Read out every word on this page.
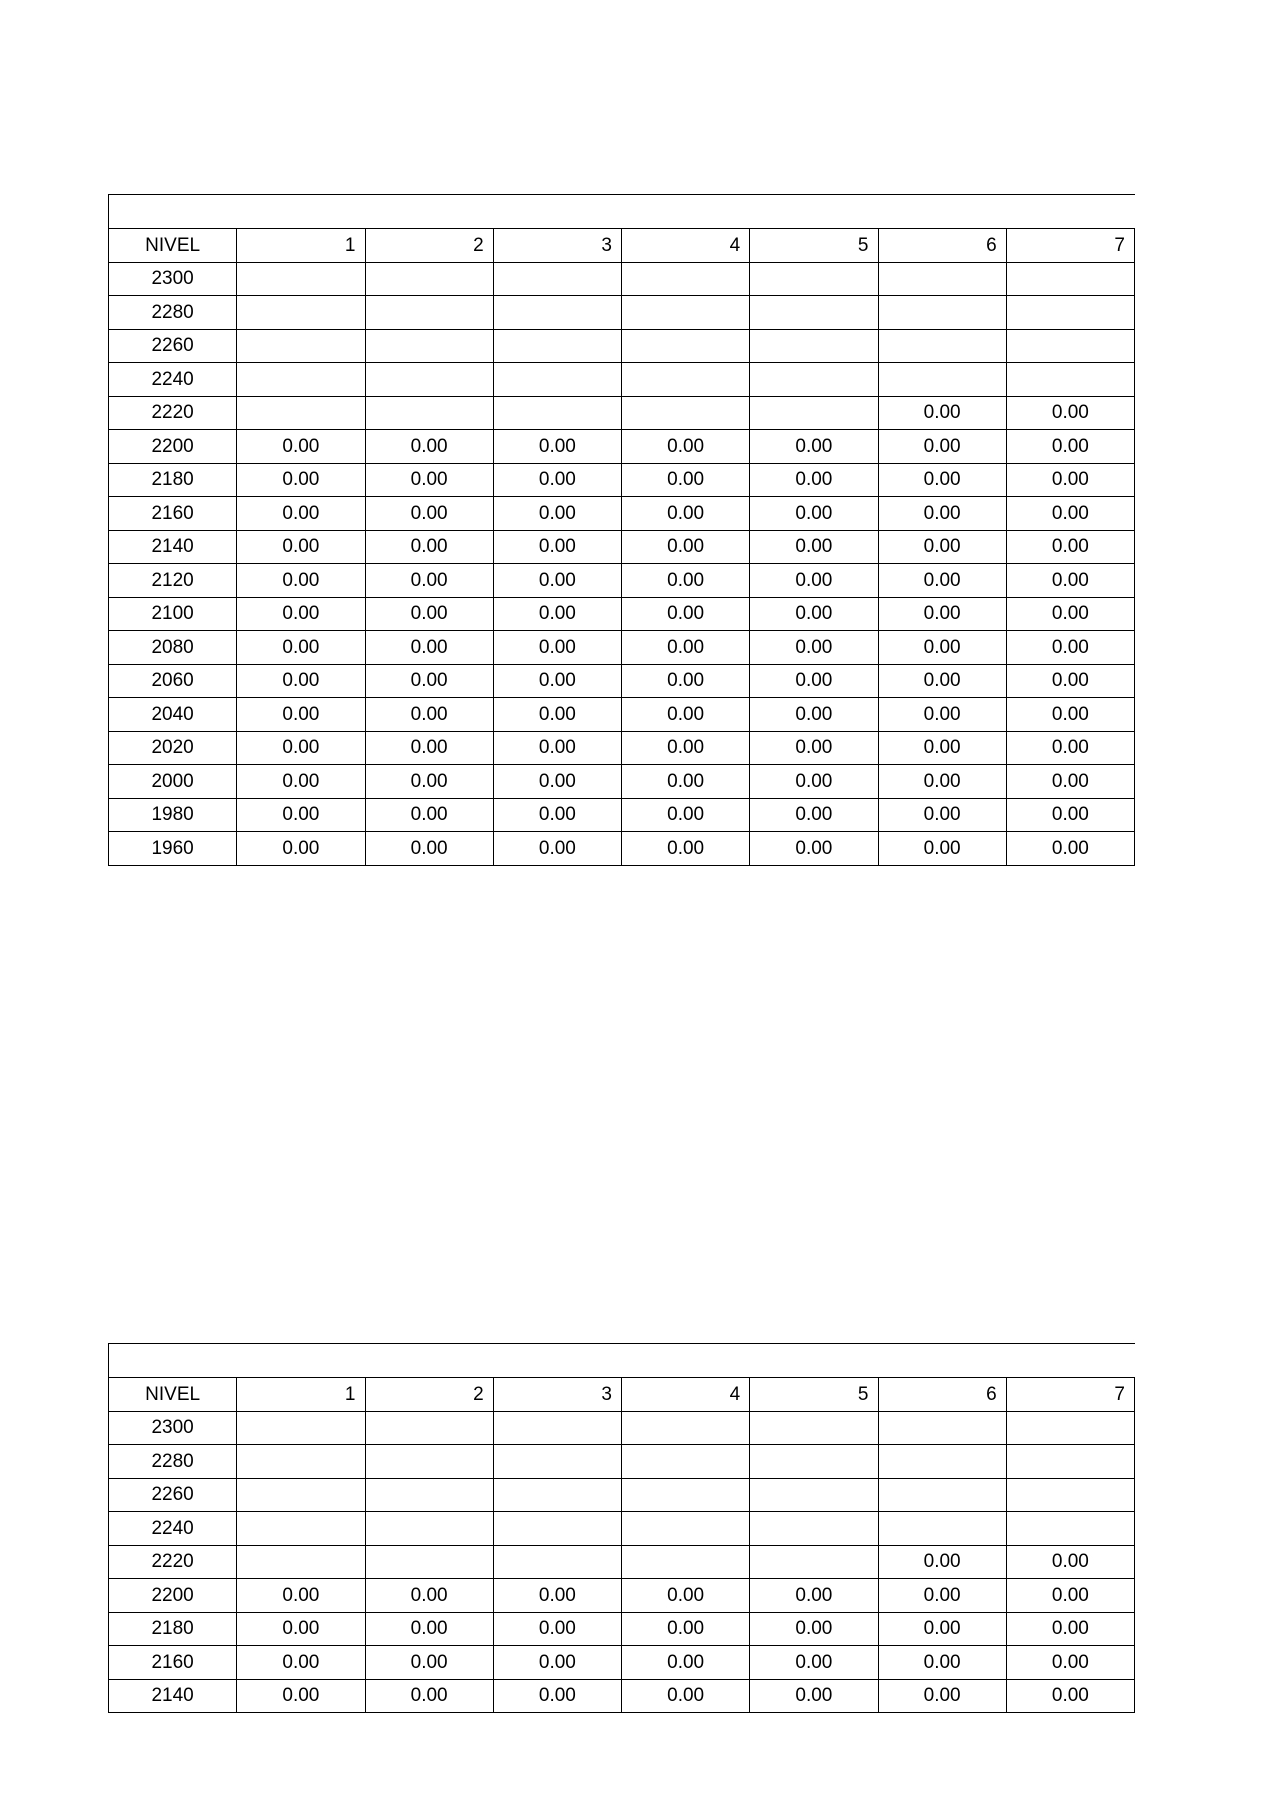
NIVEL	1	2	3	4	5	6	7
2300							
2280							
2260							
2240							
2220						0.00	0.00
2200	0.00	0.00	0.00	0.00	0.00	0.00	0.00
2180	0.00	0.00	0.00	0.00	0.00	0.00	0.00
2160	0.00	0.00	0.00	0.00	0.00	0.00	0.00
2140	0.00	0.00	0.00	0.00	0.00	0.00	0.00
2120	0.00	0.00	0.00	0.00	0.00	0.00	0.00
2100	0.00	0.00	0.00	0.00	0.00	0.00	0.00
2080	0.00	0.00	0.00	0.00	0.00	0.00	0.00
2060	0.00	0.00	0.00	0.00	0.00	0.00	0.00
2040	0.00	0.00	0.00	0.00	0.00	0.00	0.00
2020	0.00	0.00	0.00	0.00	0.00	0.00	0.00
2000	0.00	0.00	0.00	0.00	0.00	0.00	0.00
1980	0.00	0.00	0.00	0.00	0.00	0.00	0.00
1960	0.00	0.00	0.00	0.00	0.00	0.00	0.00

NIVEL	1	2	3	4	5	6	7
2300							
2280							
2260							
2240							
2220						0.00	0.00
2200	0.00	0.00	0.00	0.00	0.00	0.00	0.00
2180	0.00	0.00	0.00	0.00	0.00	0.00	0.00
2160	0.00	0.00	0.00	0.00	0.00	0.00	0.00
2140	0.00	0.00	0.00	0.00	0.00	0.00	0.00
